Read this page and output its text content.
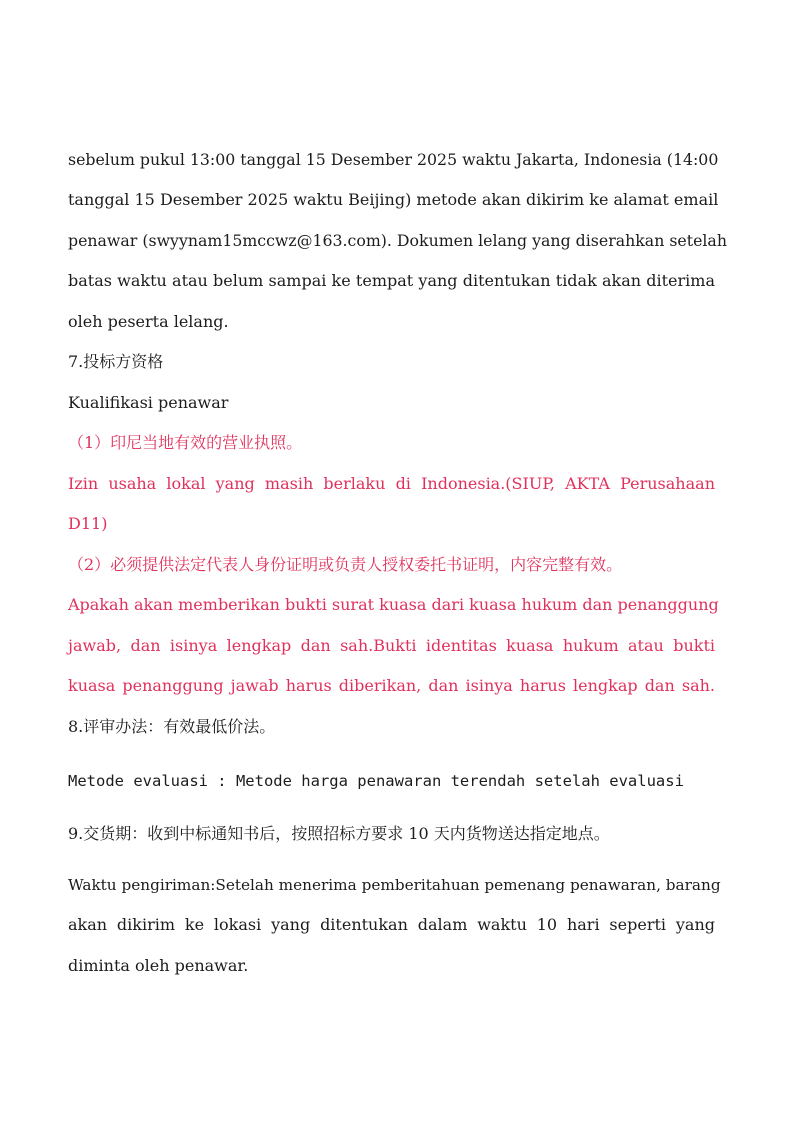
sebelum pukul 13:00 tanggal 15 Desember 2025 waktu Jakarta, Indonesia (14:00
tanggal 15 Desember 2025 waktu Beijing) metode akan dikirim ke alamat email
penawar (swyynam15mccwz@163.com). Dokumen lelang yang diserahkan setelah
batas waktu atau belum sampai ke tempat yang ditentukan tidak akan diterima
oleh peserta lelang.
7.投标方资格
Kualifikasi penawar
（1）印尼当地有效的营业执照。
Izin usaha lokal yang masih berlaku di Indonesia.(SIUP, AKTA Perusahaan
D11)
（2）必须提供法定代表人身份证明或负责人授权委托书证明，内容完整有效。
Apakah akan memberikan bukti surat kuasa dari kuasa hukum dan penanggung
jawab, dan isinya lengkap dan sah.Bukti identitas kuasa hukum atau bukti
kuasa penanggung jawab harus diberikan, dan isinya harus lengkap dan sah.
8.评审办法：有效最低价法。
Metode evaluasi : Metode harga penawaran terendah setelah evaluasi
9.交货期：收到中标通知书后，按照招标方要求 10 天内货物送达指定地点。
Waktu pengiriman:Setelah menerima pemberitahuan pemenang penawaran, barang
akan dikirim ke lokasi yang ditentukan dalam waktu 10 hari seperti yang
diminta oleh penawar.
